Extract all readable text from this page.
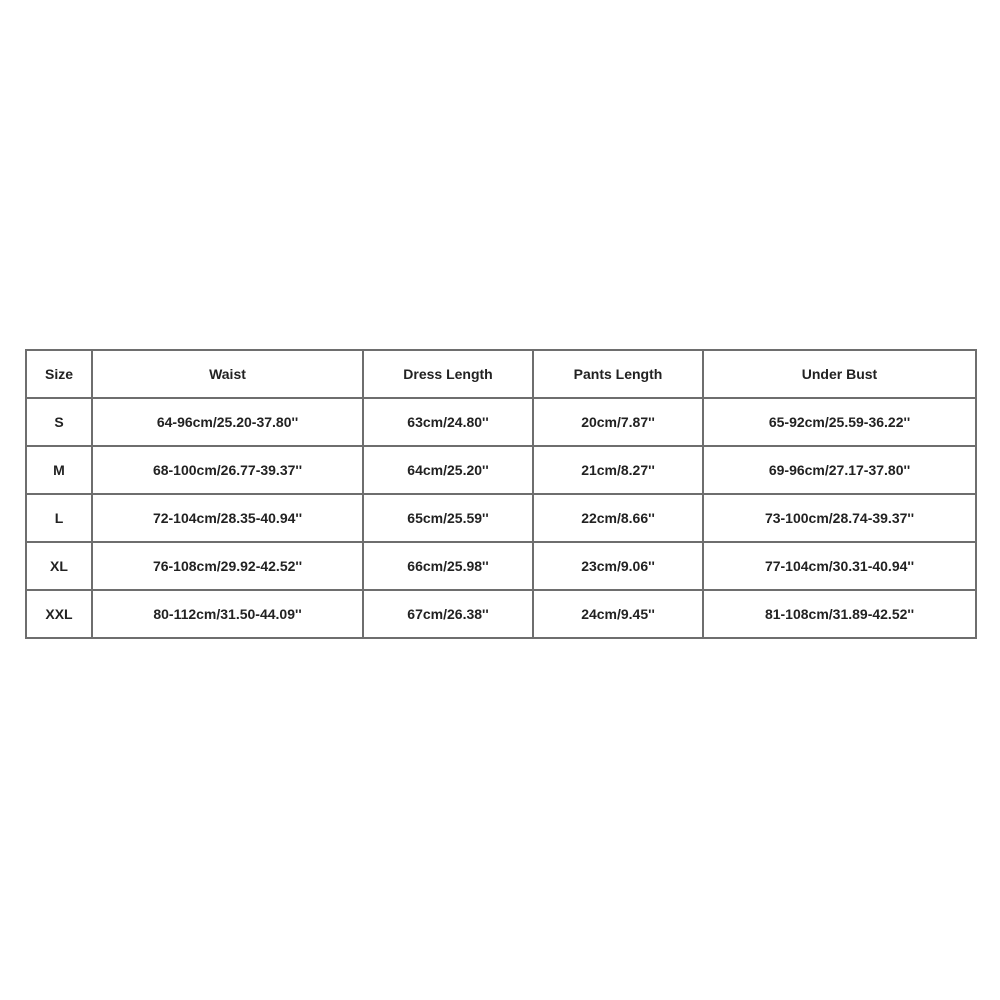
Size	Waist	Dress Length	Pants Length	Under Bust
S	64-96cm/25.20-37.80''	63cm/24.80''	20cm/7.87''	65-92cm/25.59-36.22''
M	68-100cm/26.77-39.37''	64cm/25.20''	21cm/8.27''	69-96cm/27.17-37.80''
L	72-104cm/28.35-40.94''	65cm/25.59''	22cm/8.66''	73-100cm/28.74-39.37''
XL	76-108cm/29.92-42.52''	66cm/25.98''	23cm/9.06''	77-104cm/30.31-40.94''
XXL	80-112cm/31.50-44.09''	67cm/26.38''	24cm/9.45''	81-108cm/31.89-42.52''
